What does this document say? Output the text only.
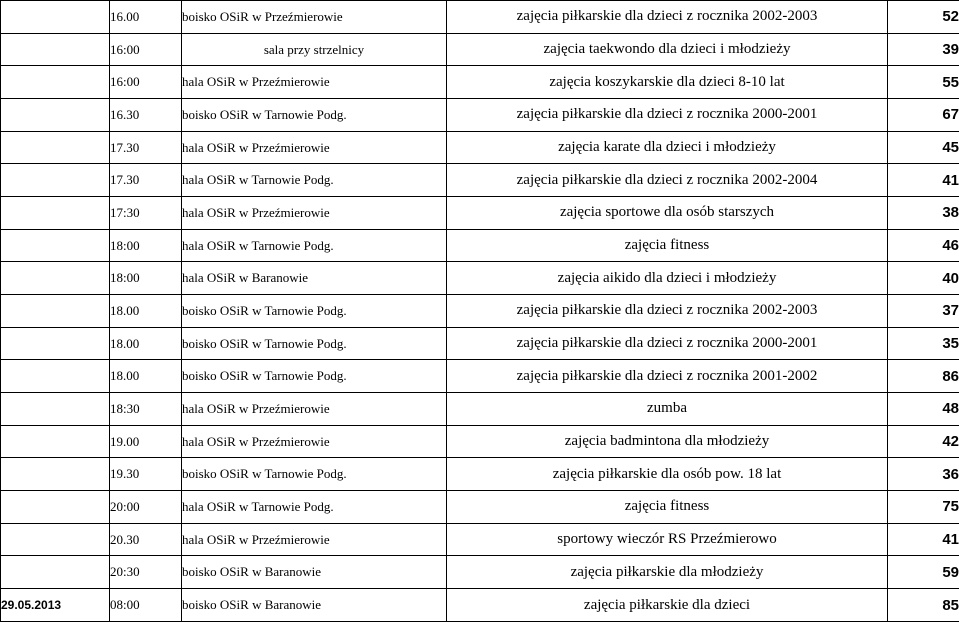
	16.00	boisko OSiR w Przeźmierowie	zajęcia piłkarskie dla dzieci z rocznika 2002-2003	52
	16:00	sala przy strzelnicy	zajęcia taekwondo dla dzieci i młodzieży	39
	16:00	hala OSiR w Przeźmierowie	zajęcia koszykarskie dla dzieci 8-10 lat	55
	16.30	boisko OSiR w Tarnowie Podg.	zajęcia piłkarskie dla dzieci z rocznika 2000-2001	67
	17.30	hala OSiR w Przeźmierowie	zajęcia karate dla dzieci i młodzieży	45
	17.30	hala OSiR w Tarnowie Podg.	zajęcia piłkarskie dla dzieci z rocznika 2002-2004	41
	17:30	hala OSiR w Przeźmierowie	zajęcia sportowe dla osób starszych	38
	18:00	hala OSiR w Tarnowie Podg.	zajęcia fitness	46
	18:00	hala OSiR w Baranowie	zajęcia aikido dla dzieci i młodzieży	40
	18.00	boisko OSiR w Tarnowie Podg.	zajęcia piłkarskie dla dzieci z rocznika 2002-2003	37
	18.00	boisko OSiR w Tarnowie Podg.	zajęcia piłkarskie dla dzieci z rocznika 2000-2001	35
	18.00	boisko OSiR w Tarnowie Podg.	zajęcia piłkarskie dla dzieci z rocznika 2001-2002	86
	18:30	hala OSiR w Przeźmierowie	zumba	48
	19.00	hala OSiR w Przeźmierowie	zajęcia badmintona dla młodzieży	42
	19.30	boisko OSiR w Tarnowie Podg.	zajęcia piłkarskie dla osób pow. 18 lat	36
	20:00	hala OSiR w Tarnowie Podg.	zajęcia fitness	75
	20.30	hala OSiR w Przeźmierowie	sportowy wieczór RS Przeźmierowo	41
	20:30	boisko OSiR w Baranowie	zajęcia piłkarskie dla młodzieży	59
29.05.2013	08:00	boisko OSiR w Baranowie	zajęcia piłkarskie dla dzieci	85
